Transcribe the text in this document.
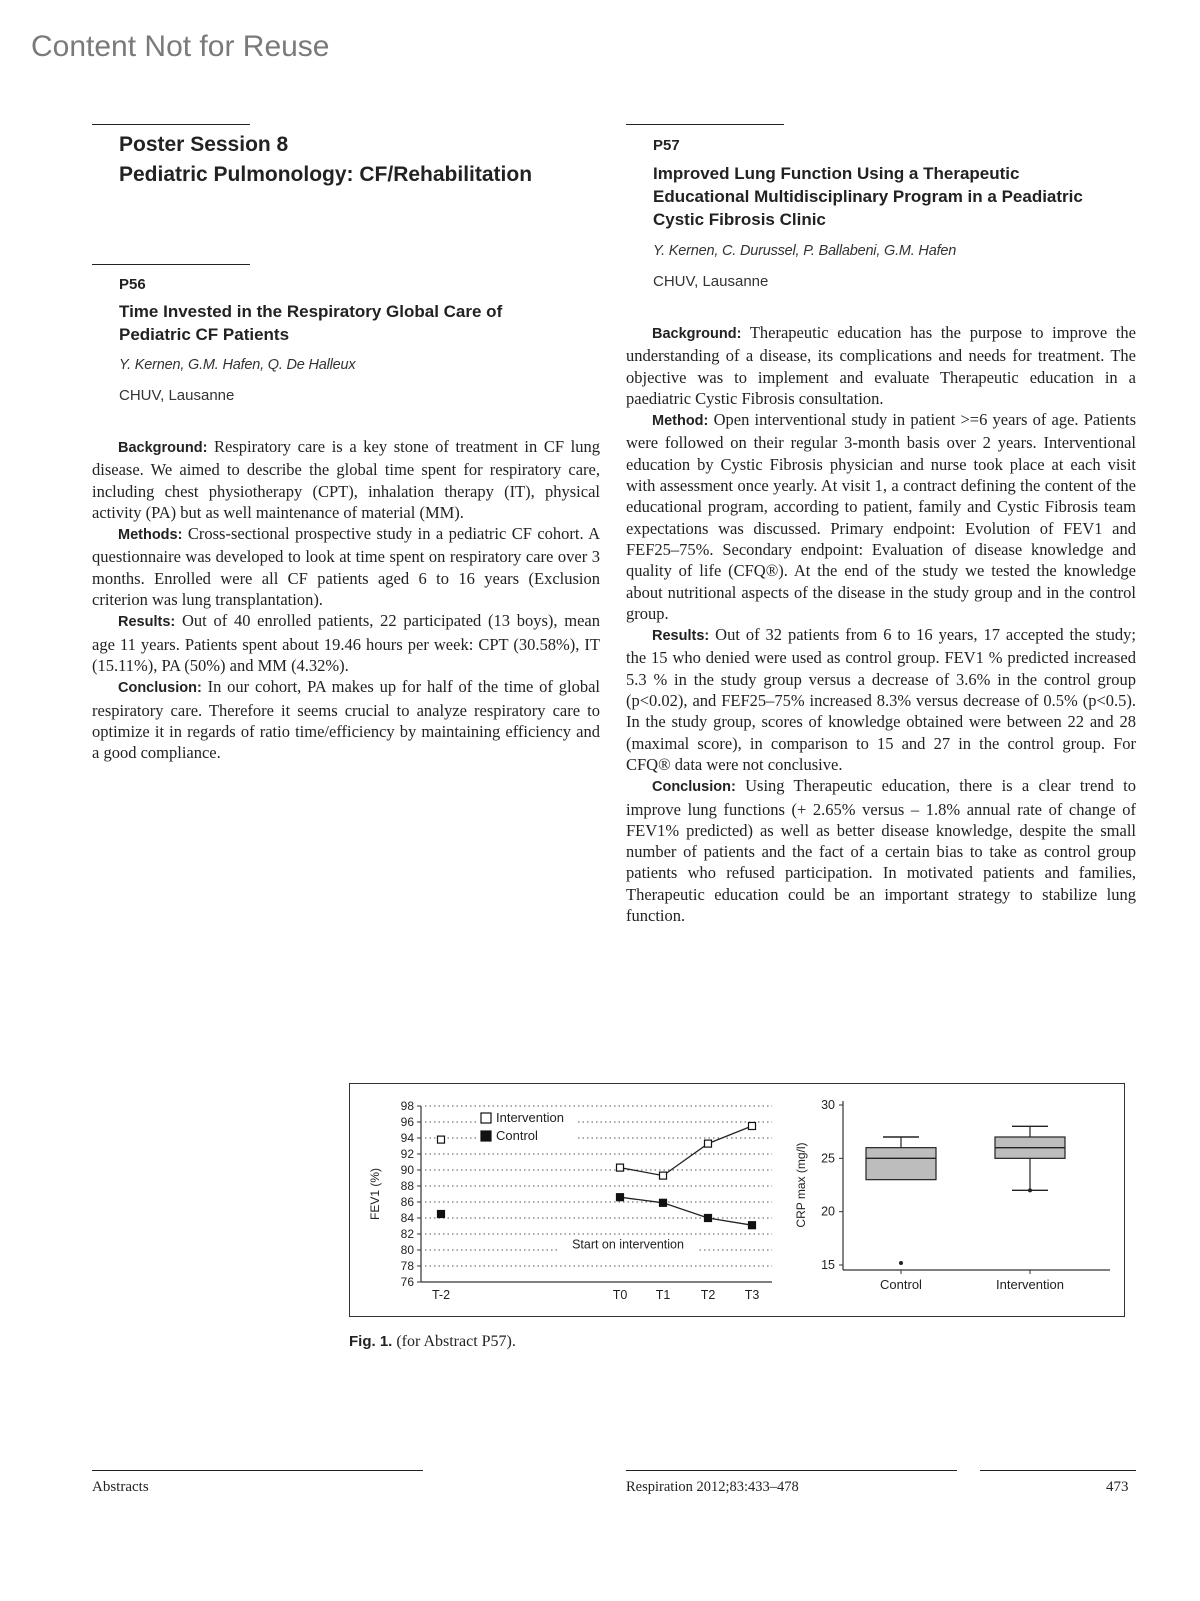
Content Not for Reuse
Poster Session 8
Pediatric Pulmonology: CF/Rehabilitation
P56
Time Invested in the Respiratory Global Care of
Pediatric CF Patients
Y. Kernen, G.M. Hafen, Q. De Halleux
CHUV, Lausanne

Background: Respiratory care is a key stone of treatment in CF lung disease. We aimed to describe the global time spent for respiratory care, including chest physiotherapy (CPT), inhalation therapy (IT), physical activity (PA) but as well maintenance of material (MM).

Methods: Cross-sectional prospective study in a pediatric CF cohort. A questionnaire was developed to look at time spent on respiratory care over 3 months. Enrolled were all CF patients aged 6 to 16 years (Exclusion criterion was lung transplantation).

Results: Out of 40 enrolled patients, 22 participated (13 boys), mean age 11 years. Patients spent about 19.46 hours per week: CPT (30.58%), IT (15.11%), PA (50%) and MM (4.32%).

Conclusion: In our cohort, PA makes up for half of the time of global respiratory care. Therefore it seems crucial to analyze respiratory care to optimize it in regards of ratio time/efficiency by maintaining efficiency and a good compliance.

P57
Improved Lung Function Using a Therapeutic
Educational Multidisciplinary Program in a Peadiatric
Cystic Fibrosis Clinic
Y. Kernen, C. Durussel, P. Ballabeni, G.M. Hafen
CHUV, Lausanne

Background: Therapeutic education has the purpose to improve the understanding of a disease, its complications and needs for treatment. The objective was to implement and evaluate Therapeutic education in a paediatric Cystic Fibrosis consultation.

Method: Open interventional study in patient >=6 years of age. Patients were followed on their regular 3-month basis over 2 years. Interventional education by Cystic Fibrosis physician and nurse took place at each visit with assessment once yearly. At visit 1, a contract defining the content of the educational program, according to patient, family and Cystic Fibrosis team expectations was discussed. Primary endpoint: Evolution of FEV1 and FEF25–75%. Secondary endpoint: Evaluation of disease knowledge and quality of life (CFQ®). At the end of the study we tested the knowledge about nutritional aspects of the disease in the study group and in the control group.

Results: Out of 32 patients from 6 to 16 years, 17 accepted the study; the 15 who denied were used as control group. FEV1 % predicted increased 5.3 % in the study group versus a decrease of 3.6% in the control group (p<0.02), and FEF25–75% increased 8.3% versus decrease of 0.5% (p<0.5). In the study group, scores of knowledge obtained were between 22 and 28 (maximal score), in comparison to 15 and 27 in the control group. For CFQ® data were not conclusive.

Conclusion: Using Therapeutic education, there is a clear trend to improve lung functions (+ 2.65% versus – 1.8% annual rate of change of FEV1% predicted) as well as better disease knowledge, despite the small number of patients and the fact of a certain bias to take as control group patients who refused participation. In motivated patients and families, Therapeutic education could be an important strategy to stabilize lung function.

98
96
94
92
90
88
86
84
82
80
78
76
FEV1 (%)
T-2	T0 T1 T2 T3
Start on intervention
Intervention
Control
15
20
25
30
CRP max (mg/l)
Control	Intervention
Fig. 1. (for Abstract P57).
Abstracts	Respiration 2012;83:433–478	473
